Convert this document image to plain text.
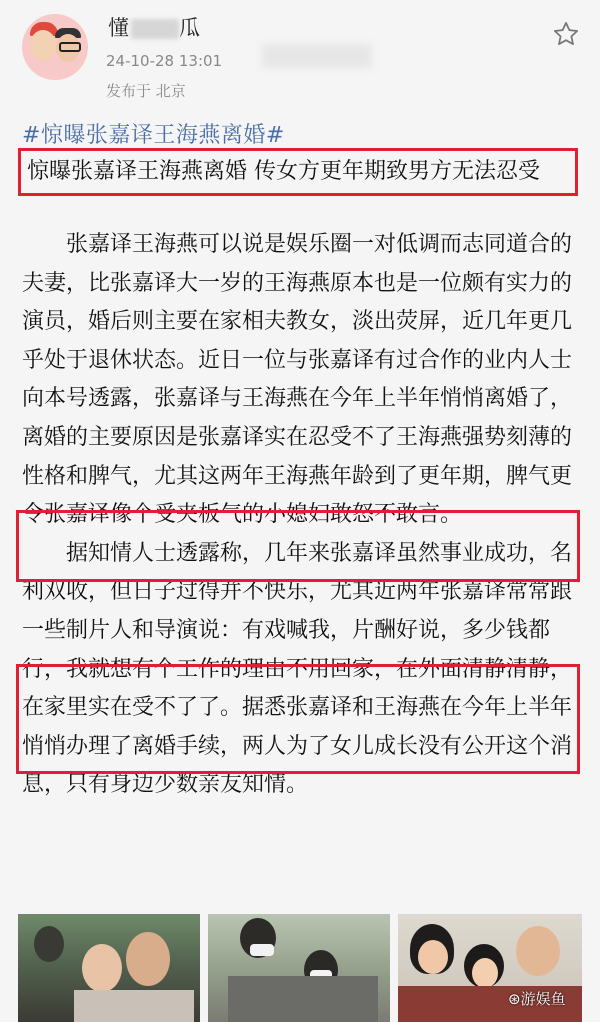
懂 瓜
24-10-28 13:01
发布于 北京
#惊曝张嘉译王海燕离婚#
惊曝张嘉译王海燕离婚 传女方更年期致男方无法忍受

张嘉译王海燕可以说是娱乐圈一对低调而志同道合的夫妻，比张嘉译大一岁的王海燕原本也是一位颇有实力的演员，婚后则主要在家相夫教女，淡出荧屏，近几年更几乎处于退休状态。近日一位与张嘉译有过合作的业内人士向本号透露，张嘉译与王海燕在今年上半年悄悄离婚了，离婚的主要原因是张嘉译实在忍受不了王海燕强势刻薄的性格和脾气，尤其这两年王海燕年龄到了更年期，脾气更令张嘉译像个受夹板气的小媳妇敢怒不敢言。

据知情人士透露称，几年来张嘉译虽然事业成功，名利双收，但日子过得并不快乐，尤其近两年张嘉译常常跟一些制片人和导演说：有戏喊我，片酬好说，多少钱都行，我就想有个工作的理由不用回家，在外面清静清静，在家里实在受不了了。据悉张嘉译和王海燕在今年上半年悄悄办理了离婚手续，两人为了女儿成长没有公开这个消息，只有身边少数亲友知情。

⊛游娱鱼
